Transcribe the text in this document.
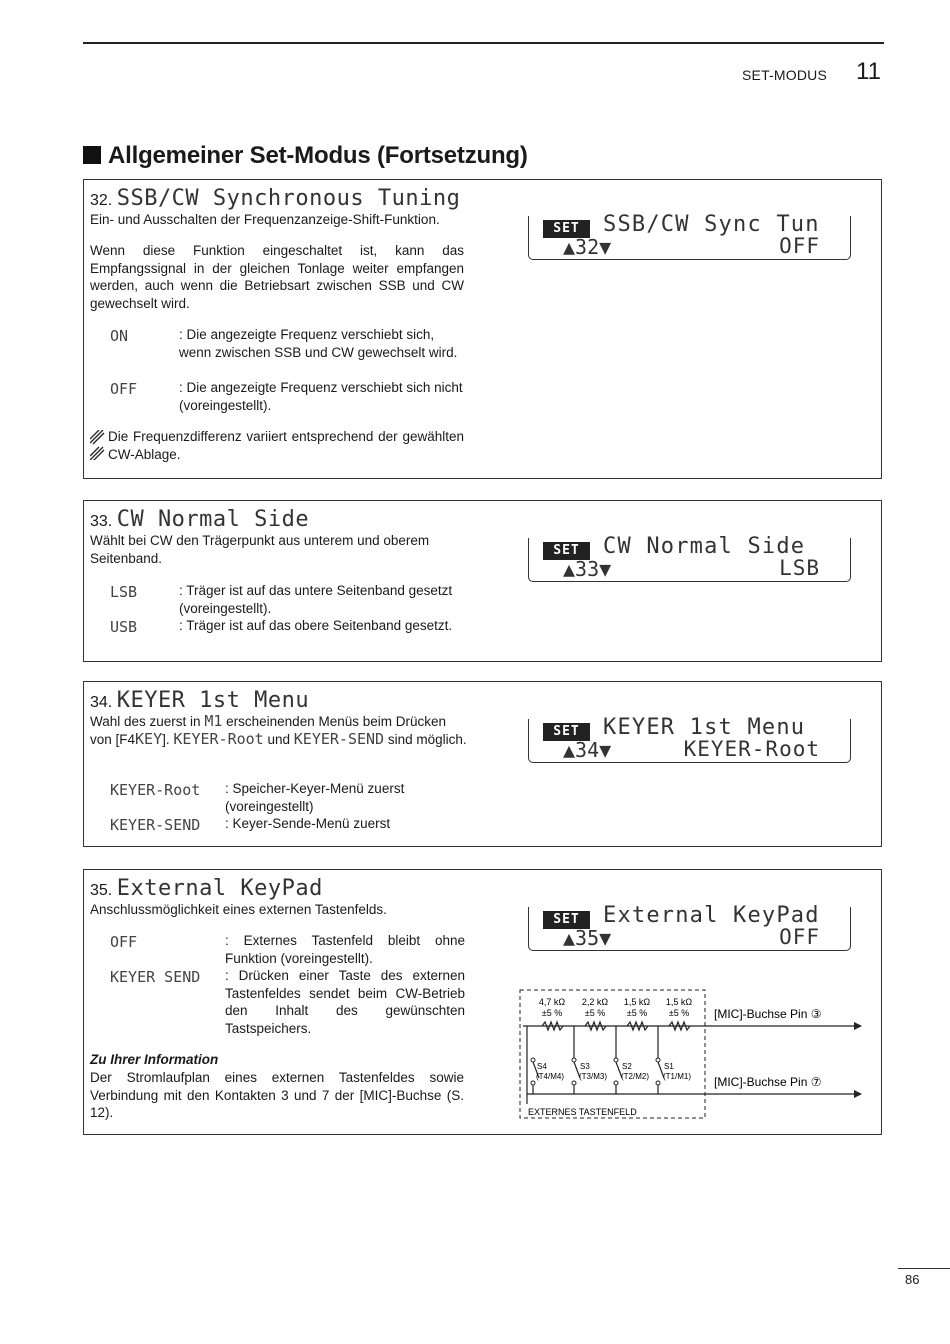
SET-MODUS 11
Allgemeiner Set-Modus (Fortsetzung)
32. SSB/CW Synchronous Tuning
Ein- und Ausschalten der Frequenzanzeige-Shift-Funktion.
Wenn diese Funktion eingeschaltet ist, kann das Empfangssignal in der gleichen Tonlage weiter empfangen werden, auch wenn die Betriebsart zwischen SSB und CW gewechselt wird.
ON	: Die angezeigte Frequenz verschiebt sich, wenn zwischen SSB und CW gewechselt wird.
OFF	: Die angezeigte Frequenz verschiebt sich nicht (voreingestellt).
Die Frequenzdifferenz variiert entsprechend der gewählten CW-Ablage.
SET	SSB/CW Sync Tun
▲32▼	OFF
33. CW Normal Side
Wählt bei CW den Trägerpunkt aus unterem und oberem Seitenband.
LSB	: Träger ist auf das untere Seitenband gesetzt (voreingestellt).
USB	: Träger ist auf das obere Seitenband gesetzt.
SET	CW Normal Side
▲33▼	LSB
34. KEYER 1st Menu
Wahl des zuerst in M1 erscheinenden Menüs beim Drücken von [F4KEY]. KEYER-Root und KEYER-SEND sind möglich.
KEYER-Root : Speicher-Keyer-Menü zuerst (voreingestellt)
KEYER-SEND : Keyer-Sende-Menü zuerst
SET	KEYER 1st Menu
▲34▼	KEYER-Root
35. External KeyPad
Anschlussmöglichkeit eines externen Tastenfelds.
OFF	: Externes Tastenfeld bleibt ohne Funktion (voreingestellt).
KEYER SEND : Drücken einer Taste des externen Tastenfeldes sendet beim CW-Betrieb den Inhalt des gewünschten Tastspeichers.
Zu Ihrer Information
Der Stromlaufplan eines externen Tastenfeldes sowie Verbindung mit den Kontakten 3 und 7 der [MIC]-Buchse (S. 12).
SET	External KeyPad
▲35▼	OFF
4,7 kΩ
±5 %
2,2 kΩ
±5 %
1,5 kΩ
±5 %
1,5 kΩ
±5 %
S4
(T4/M4)
S3
(T3/M3)
S2
(T2/M2)
S1
(T1/M1)
[MIC]-Buchse Pin ③
[MIC]-Buchse Pin ⑦
EXTERNES TASTENFELD
86
